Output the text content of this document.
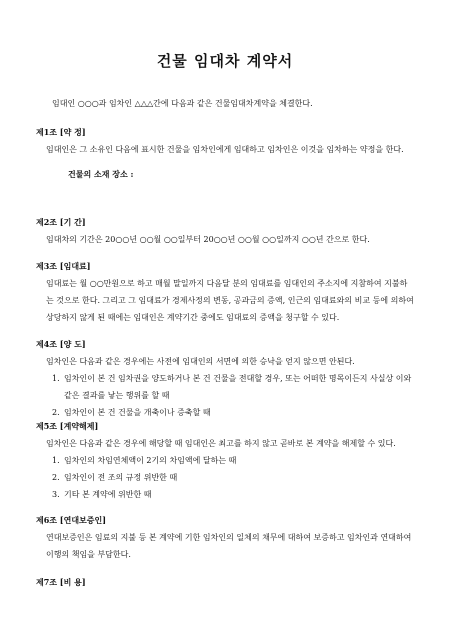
건물 임대차 계약서
임대인 ○○○과 임차인 △△△간에 다음과 같은 건물임대차계약을 체결한다.
제1조 [약 정]
임대인은 그 소유인 다음에 표시한 건물을 임차인에게 임대하고 임차인은 이것을 임차하는 약정을 한다.
건물의 소재 장소 :
제2조 [기 간]
임대차의 기간은 20○○년 ○○월 ○○일부터 20○○년 ○○월 ○○일까지 ○○년 간으로 한다.
제3조 [임대료]
임대료는 월 ○○만원으로 하고 매월 말일까지 다음달 분의 임대료를 임대인의 주소지에 지참하여 지불하는 것으로 한다. 그리고 그 임대료가 경제사정의 변동, 공과금의 증액, 인근의 임대료와의 비교 등에 의하여 상당하지 않게 된 때에는 임대인은 계약기간 중에도 임대료의 증액을 청구할 수 있다.
제4조 [양 도]
임차인은 다음과 같은 경우에는 사전에 임대인의 서면에 의한 승낙을 얻지 않으면 안된다.
1. 임차인이 본 건 임차권을 양도하거나 본 건 건물을 전대할 경우, 또는 어떠한 명목이든지 사실상 이와 같은 결과를 낳는 행위를 할 때
2. 임차인이 본 건 건물을 개축이나 증축할 때
제5조 [계약해제]
임차인은 다음과 같은 경우에 해당할 때 임대인은 최고를 하지 않고 곧바로 본 계약을 해제할 수 있다.
1. 임차인의 차임연체액이 2기의 차임액에 달하는 때
2. 임차인이 전 조의 규정 위반한 때
3. 기타 본 계약에 위반한 때
제6조 [연대보증인]
연대보증인은 임료의 지불 등 본 계약에 기한 임차인의 일체의 채무에 대하여 보증하고 임차인과 연대하여 이행의 책임을 부담한다.
제7조 [비 용]
